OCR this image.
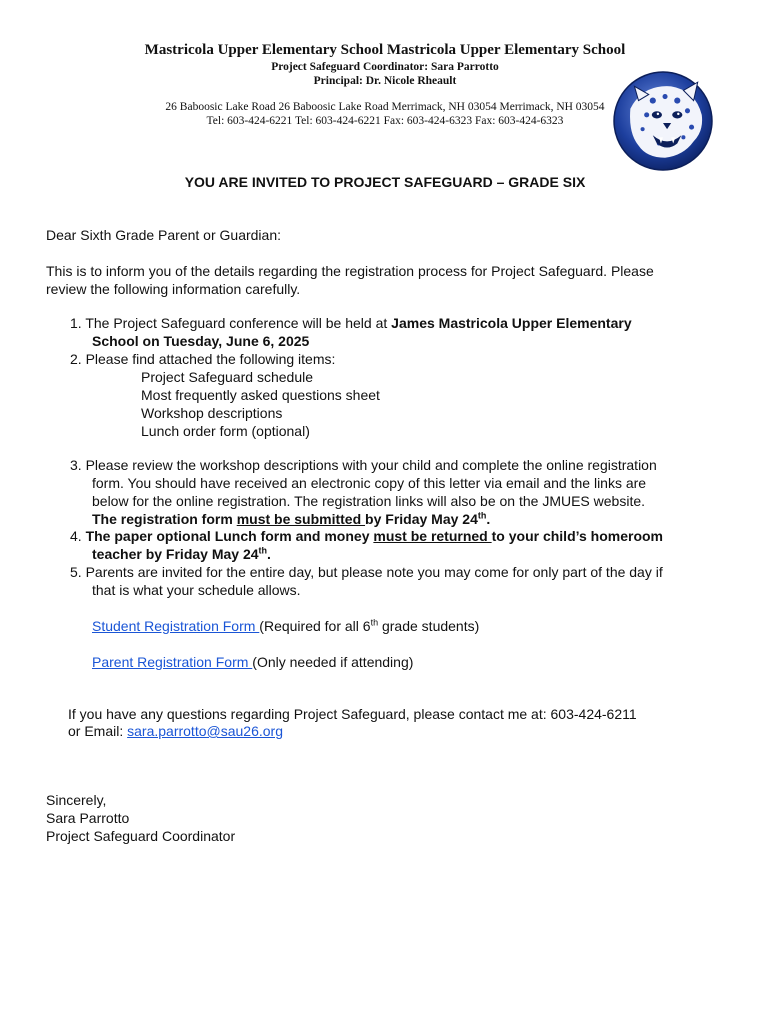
Mastricola Upper Elementary School Mastricola Upper Elementary School
Project Safeguard Coordinator: Sara Parrotto
Principal: Dr. Nicole Rheault
26 Baboosic Lake Road 26 Baboosic Lake Road Merrimack, NH 03054 Merrimack, NH 03054
Tel: 603-424-6221 Tel: 603-424-6221 Fax: 603-424-6323 Fax: 603-424-6323
YOU ARE INVITED TO PROJECT SAFEGUARD – GRADE SIX
Dear Sixth Grade Parent or Guardian:
This is to inform you of the details regarding the registration process for Project Safeguard. Please
review the following information carefully.
1. The Project Safeguard conference will be held at James Mastricola Upper Elementary
School on Tuesday, June 6, 2025
2. Please find attached the following items:
Project Safeguard schedule
Most frequently asked questions sheet
Workshop descriptions
Lunch order form (optional)
3. Please review the workshop descriptions with your child and complete the online registration
form. You should have received an electronic copy of this letter via email and the links are
below for the online registration. The registration links will also be on the JMUES website.
The registration form must be submitted by Friday May 24th.
4. The paper optional Lunch form and money must be returned to your child’s homeroom
teacher by Friday May 24th.
5. Parents are invited for the entire day, but please note you may come for only part of the day if
that is what your schedule allows.
Student Registration Form (Required for all 6th grade students)
Parent Registration Form (Only needed if attending)
If you have any questions regarding Project Safeguard, please contact me at: 603-424-6211
or Email: sara.parrotto@sau26.org
Sincerely,
Sara Parrotto
Project Safeguard Coordinator
